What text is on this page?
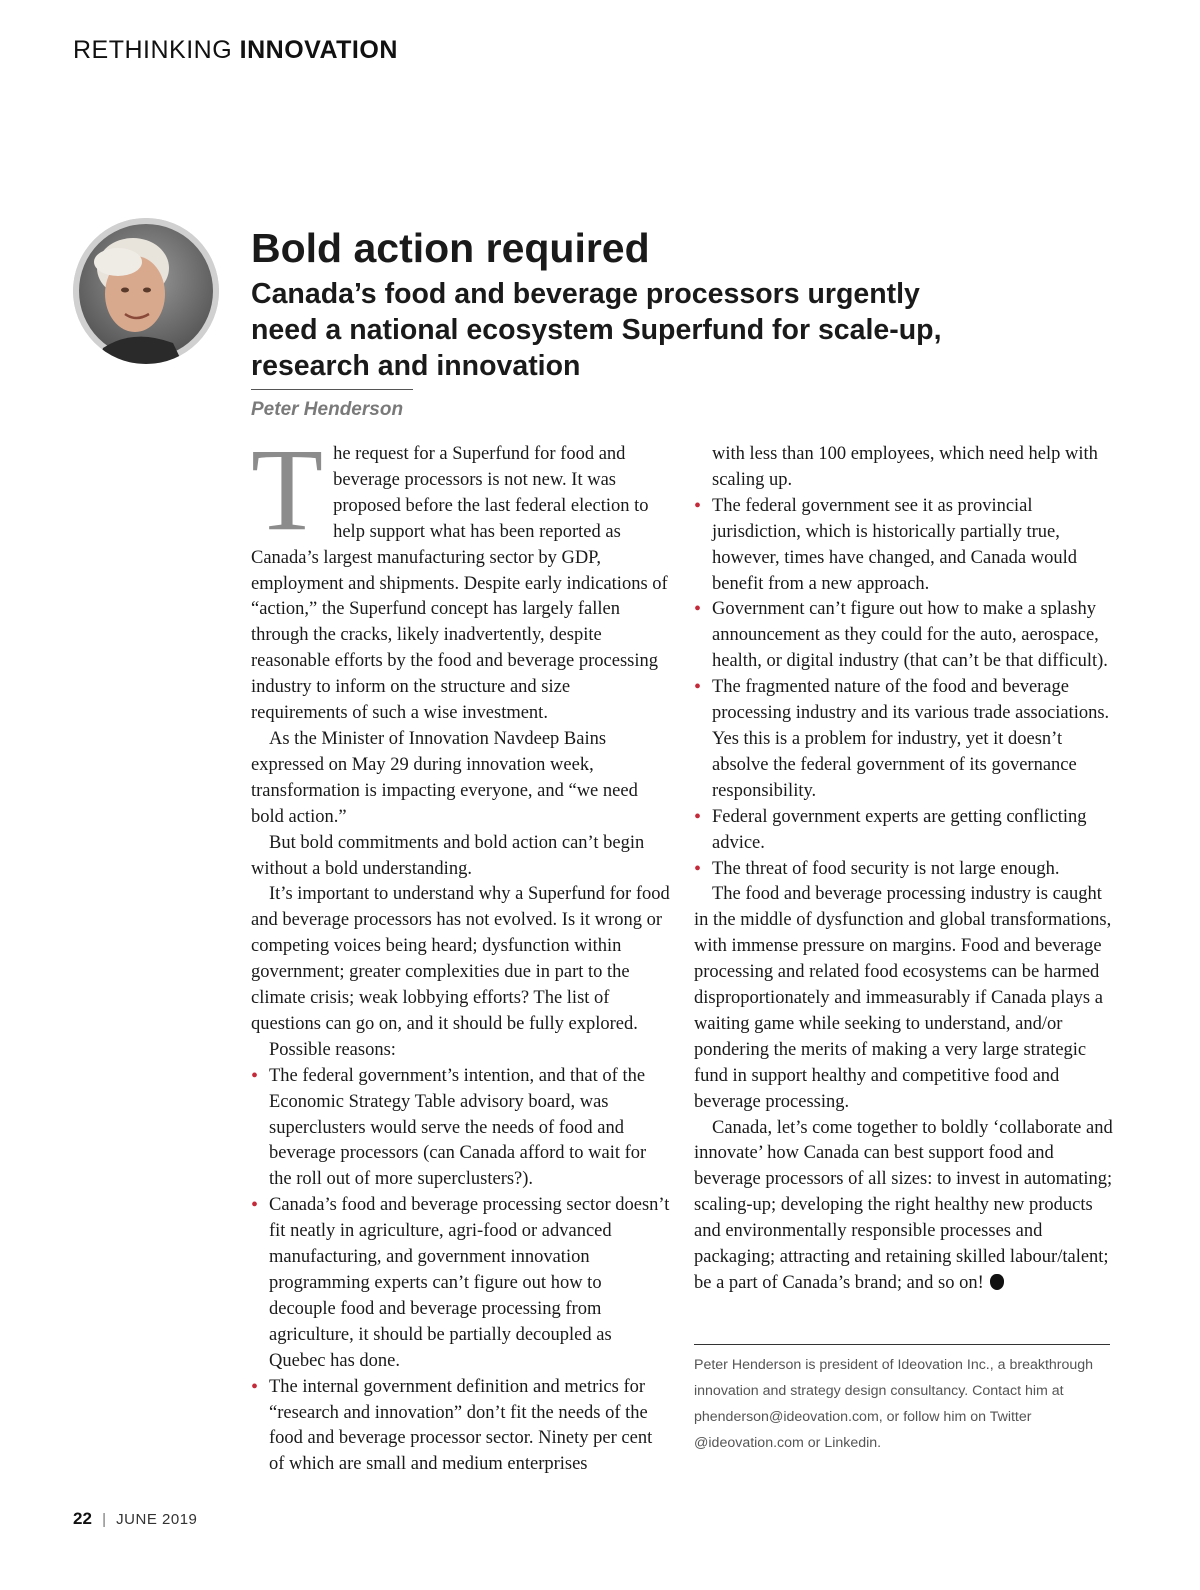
RETHINKING INNOVATION
Bold action required
Canada’s food and beverage processors urgently need a national ecosystem Superfund for scale-up, research and innovation
Peter Henderson

T he request for a Superfund for food and beverage processors is not new. It was proposed before the last federal election to help support what has been reported as Canada’s largest manufacturing sector by GDP, employment and shipments. Despite early indications of “action,” the Superfund concept has largely fallen through the cracks, likely inadvertently, despite reasonable efforts by the food and beverage processing industry to inform on the structure and size requirements of such a wise investment.

As the Minister of Innovation Navdeep Bains expressed on May 29 during innovation week, transformation is impacting everyone, and “we need bold action.”

But bold commitments and bold action can’t begin without a bold understanding.

It’s important to understand why a Superfund for food and beverage processors has not evolved. Is it wrong or competing voices being heard; dysfunction within government; greater complexities due in part to the climate crisis; weak lobbying efforts? The list of questions can go on, and it should be fully explored.

Possible reasons:

• The federal government’s intention, and that of the Economic Strategy Table advisory board, was superclusters would serve the needs of food and beverage processors (can Canada afford to wait for the roll out of more superclusters?).
• Canada’s food and beverage processing sector doesn’t fit neatly in agriculture, agri-food or advanced manufacturing, and government innovation programming experts can’t figure out how to decouple food and beverage processing from agriculture, it should be partially decoupled as Quebec has done.
• The internal government definition and metrics for “research and innovation” don’t fit the needs of the food and beverage processor sector. Ninety per cent of which are small and medium enterprises

with less than 100 employees, which need help with scaling up.

• The federal government see it as provincial jurisdiction, which is historically partially true, however, times have changed, and Canada would benefit from a new approach.
• Government can’t figure out how to make a splashy announcement as they could for the auto, aerospace, health, or digital industry (that can’t be that difficult).
• The fragmented nature of the food and beverage processing industry and its various trade associations. Yes this is a problem for industry, yet it doesn’t absolve the federal government of its governance responsibility.
• Federal government experts are getting conflicting advice.
• The threat of food security is not large enough.

The food and beverage processing industry is caught in the middle of dysfunction and global transformations, with immense pressure on margins. Food and beverage processing and related food ecosystems can be harmed disproportionately and immeasurably if Canada plays a waiting game while seeking to understand, and/or pondering the merits of making a very large strategic fund in support healthy and competitive food and beverage processing.

Canada, let’s come together to boldly ‘collaborate and innovate’ how Canada can best support food and beverage processors of all sizes: to invest in automating; scaling-up; developing the right healthy new products and environmentally responsible processes and packaging; attracting and retaining skilled labour/talent; be a part of Canada’s brand; and so on!

Peter Henderson is president of Ideovation Inc., a breakthrough innovation and strategy design consultancy. Contact him at phenderson@ideovation.com, or follow him on Twitter @ideovation.com or Linkedin.
22 | JUNE 2019
